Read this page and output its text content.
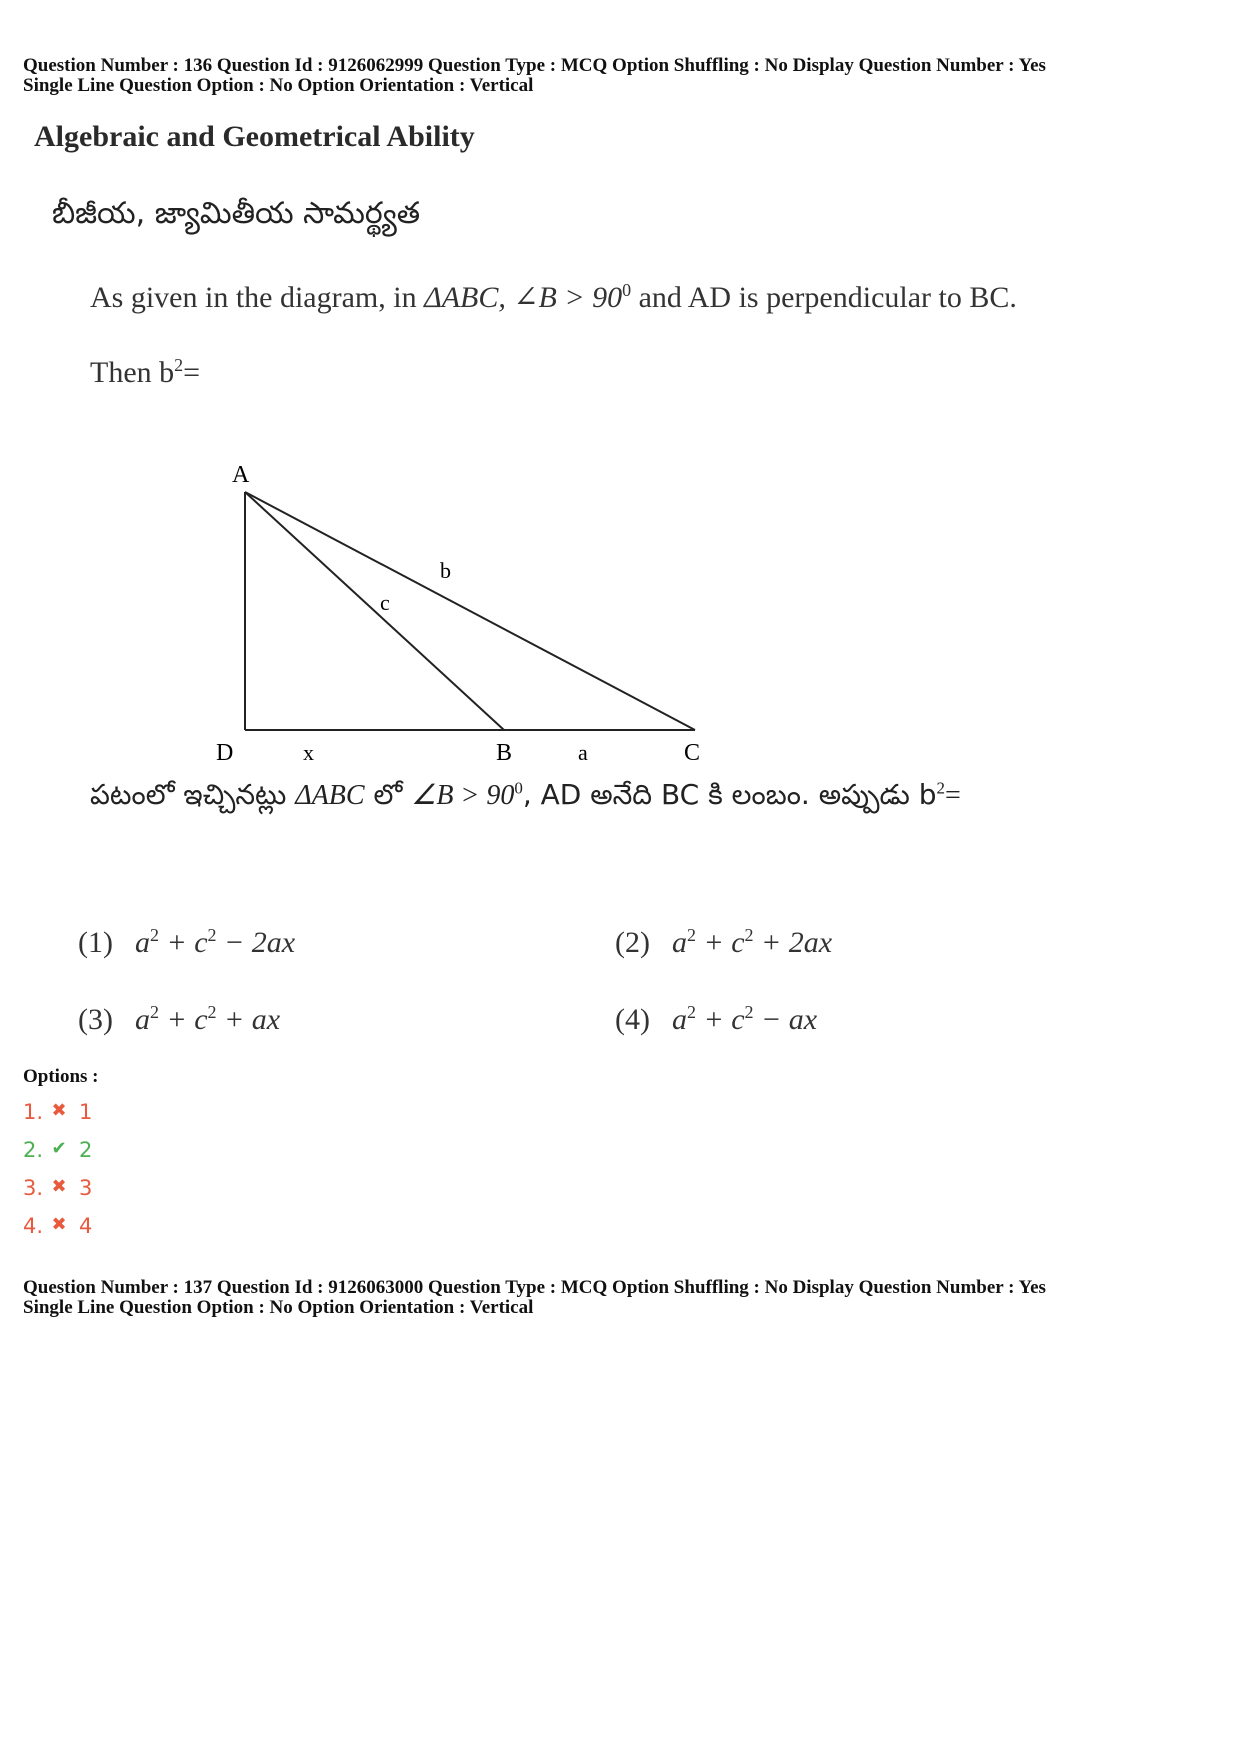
Question Number : 136 Question Id : 9126062999 Question Type : MCQ Option Shuffling : No Display Question Number : Yes
Single Line Question Option : No Option Orientation : Vertical
Algebraic and Geometrical Ability
బీజీయ, జ్యామితీయ సామర్థ్యత
As given in the diagram, in ΔABC, ∠B > $90^0$ and AD is perpendicular to BC.
Then $b^2=$
A
D	B	C
x	a
b
c
పటంలో ఇచ్చినట్లు ΔABC లో ∠B > $90^0$, AD అనేది BC కి లంబం. అప్పుడు $b^2=$
(1) $a^2 + c^2 - 2ax$	(2) $a^2 + c^2 + 2ax$
(3) $a^2 + c^2$ + ax	(4) $a^2 + c^2$ − ax
Options :
1. ✖ 1
2. ✔ 2
3. ✖ 3
4. ✖ 4
Question Number : 137 Question Id : 9126063000 Question Type : MCQ Option Shuffling : No Display Question Number : Yes
Single Line Question Option : No Option Orientation : Vertical
